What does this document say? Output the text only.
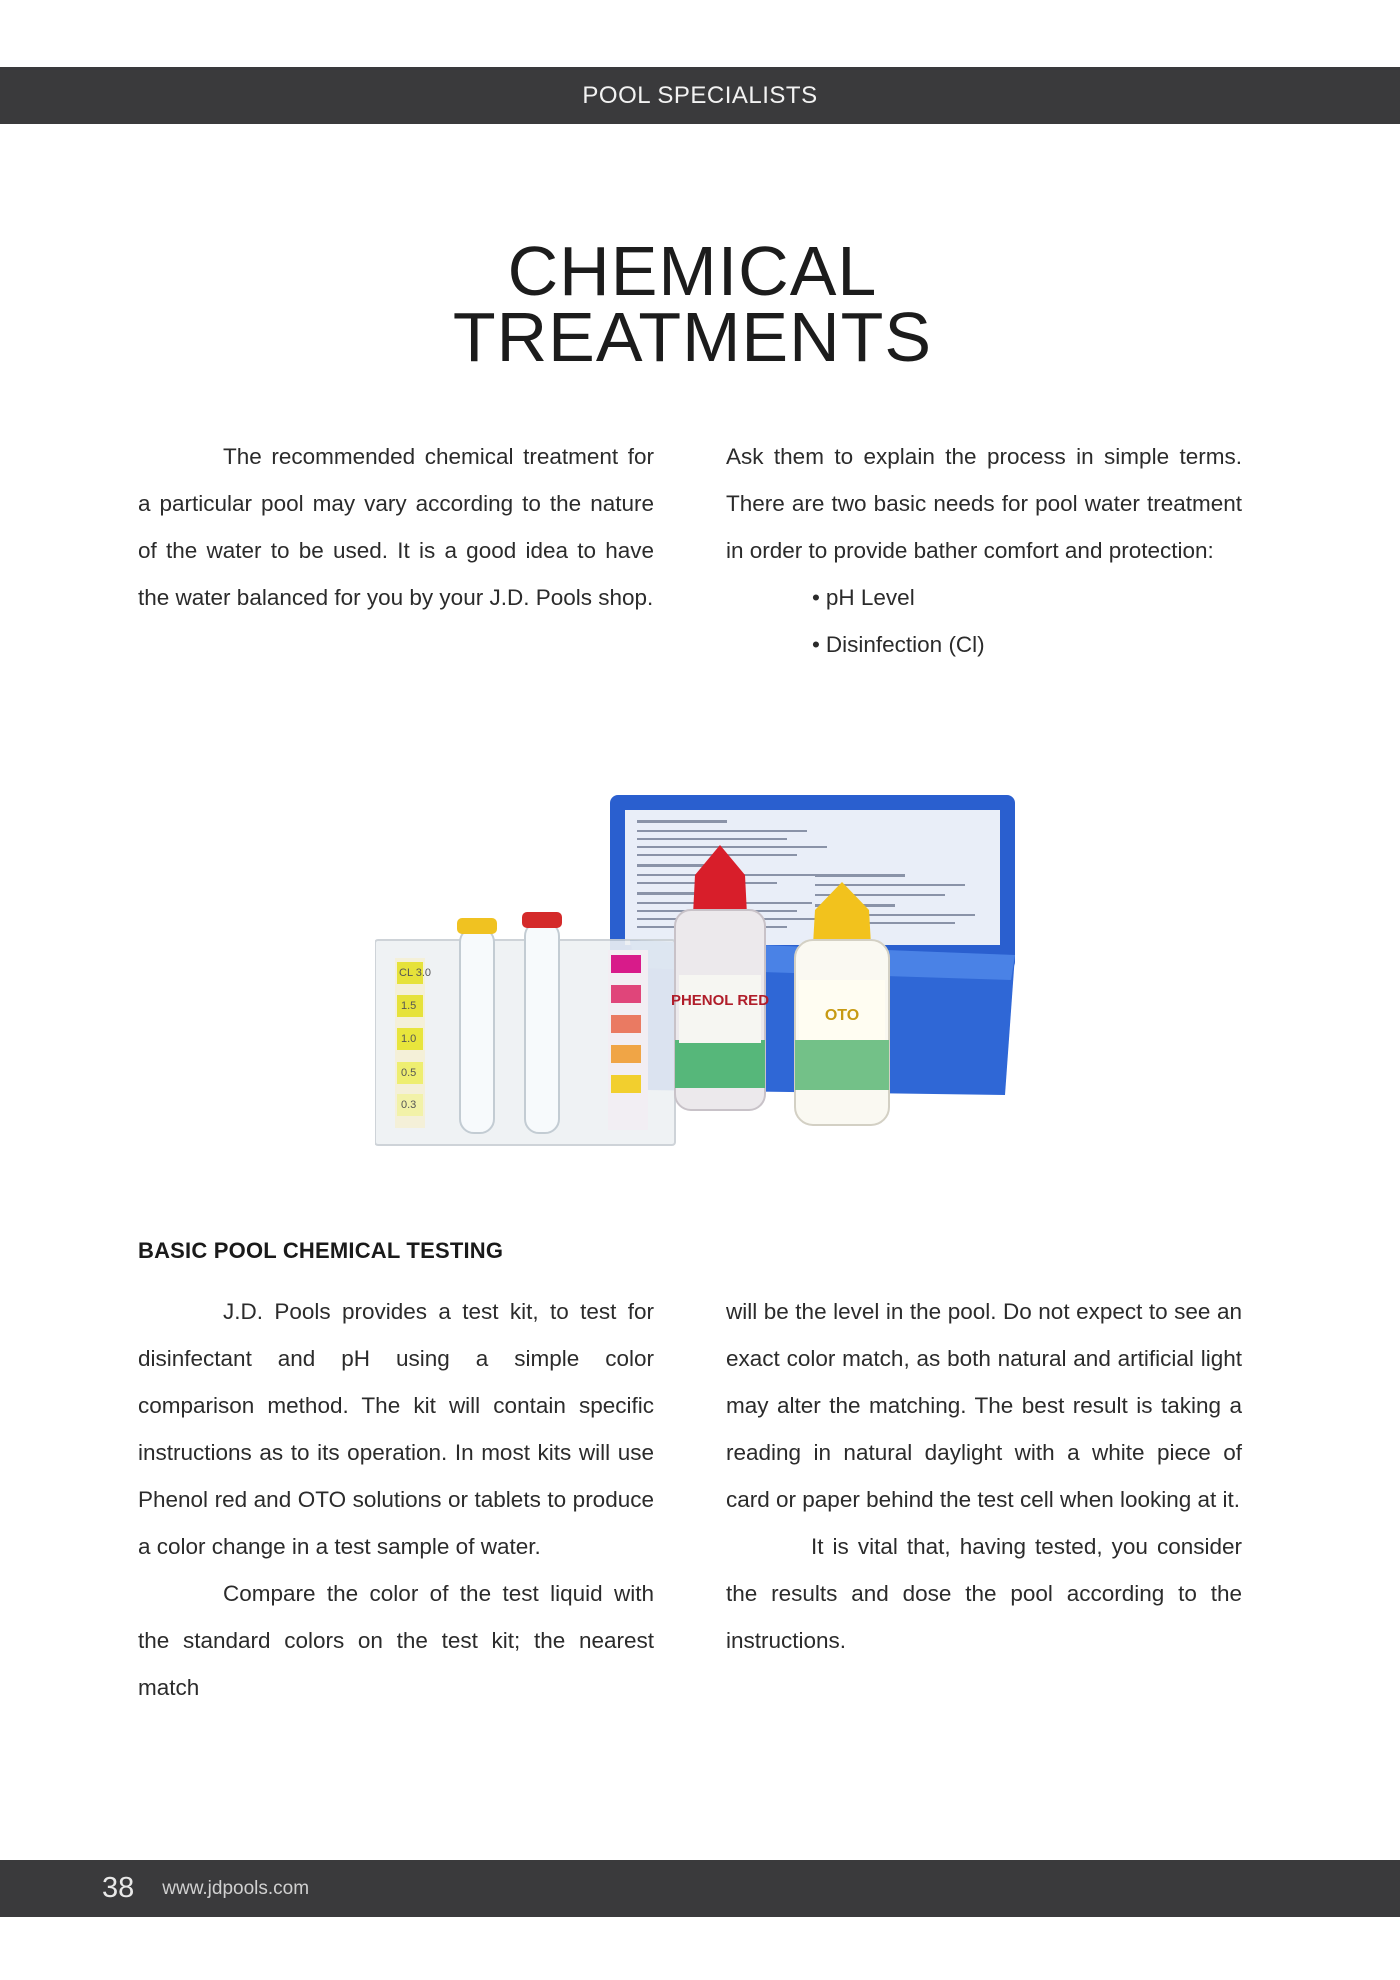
POOL SPECIALISTS
CHEMICAL
TREATMENTS

The recommended chemical treatment for a particular pool may vary according to the nature of the water to be used. It is a good idea to have the water balanced for you by your J.D. Pools shop.

Ask them to explain the process in simple terms. There are two basic needs for pool water treatment in order to provide bather comfort and protection:

• pH Level
• Disinfection (Cl)
CL 3.0
1.5
1.0
0.5
0.3
PHENOL RED
OTO
BASIC POOL CHEMICAL TESTING

J.D. Pools provides a test kit, to test for disinfectant and pH using a simple color comparison method. The kit will contain specific instructions as to its operation. In most kits will use Phenol red and OTO solutions or tablets to produce a color change in a test sample of water.

Compare the color of the test liquid with the standard colors on the test kit; the nearest match

will be the level in the pool. Do not expect to see an exact color match, as both natural and artificial light may alter the matching. The best result is taking a reading in natural daylight with a white piece of card or paper behind the test cell when looking at it.

It is vital that, having tested, you consider the results and dose the pool according to the instructions.

38 www.jdpools.com
